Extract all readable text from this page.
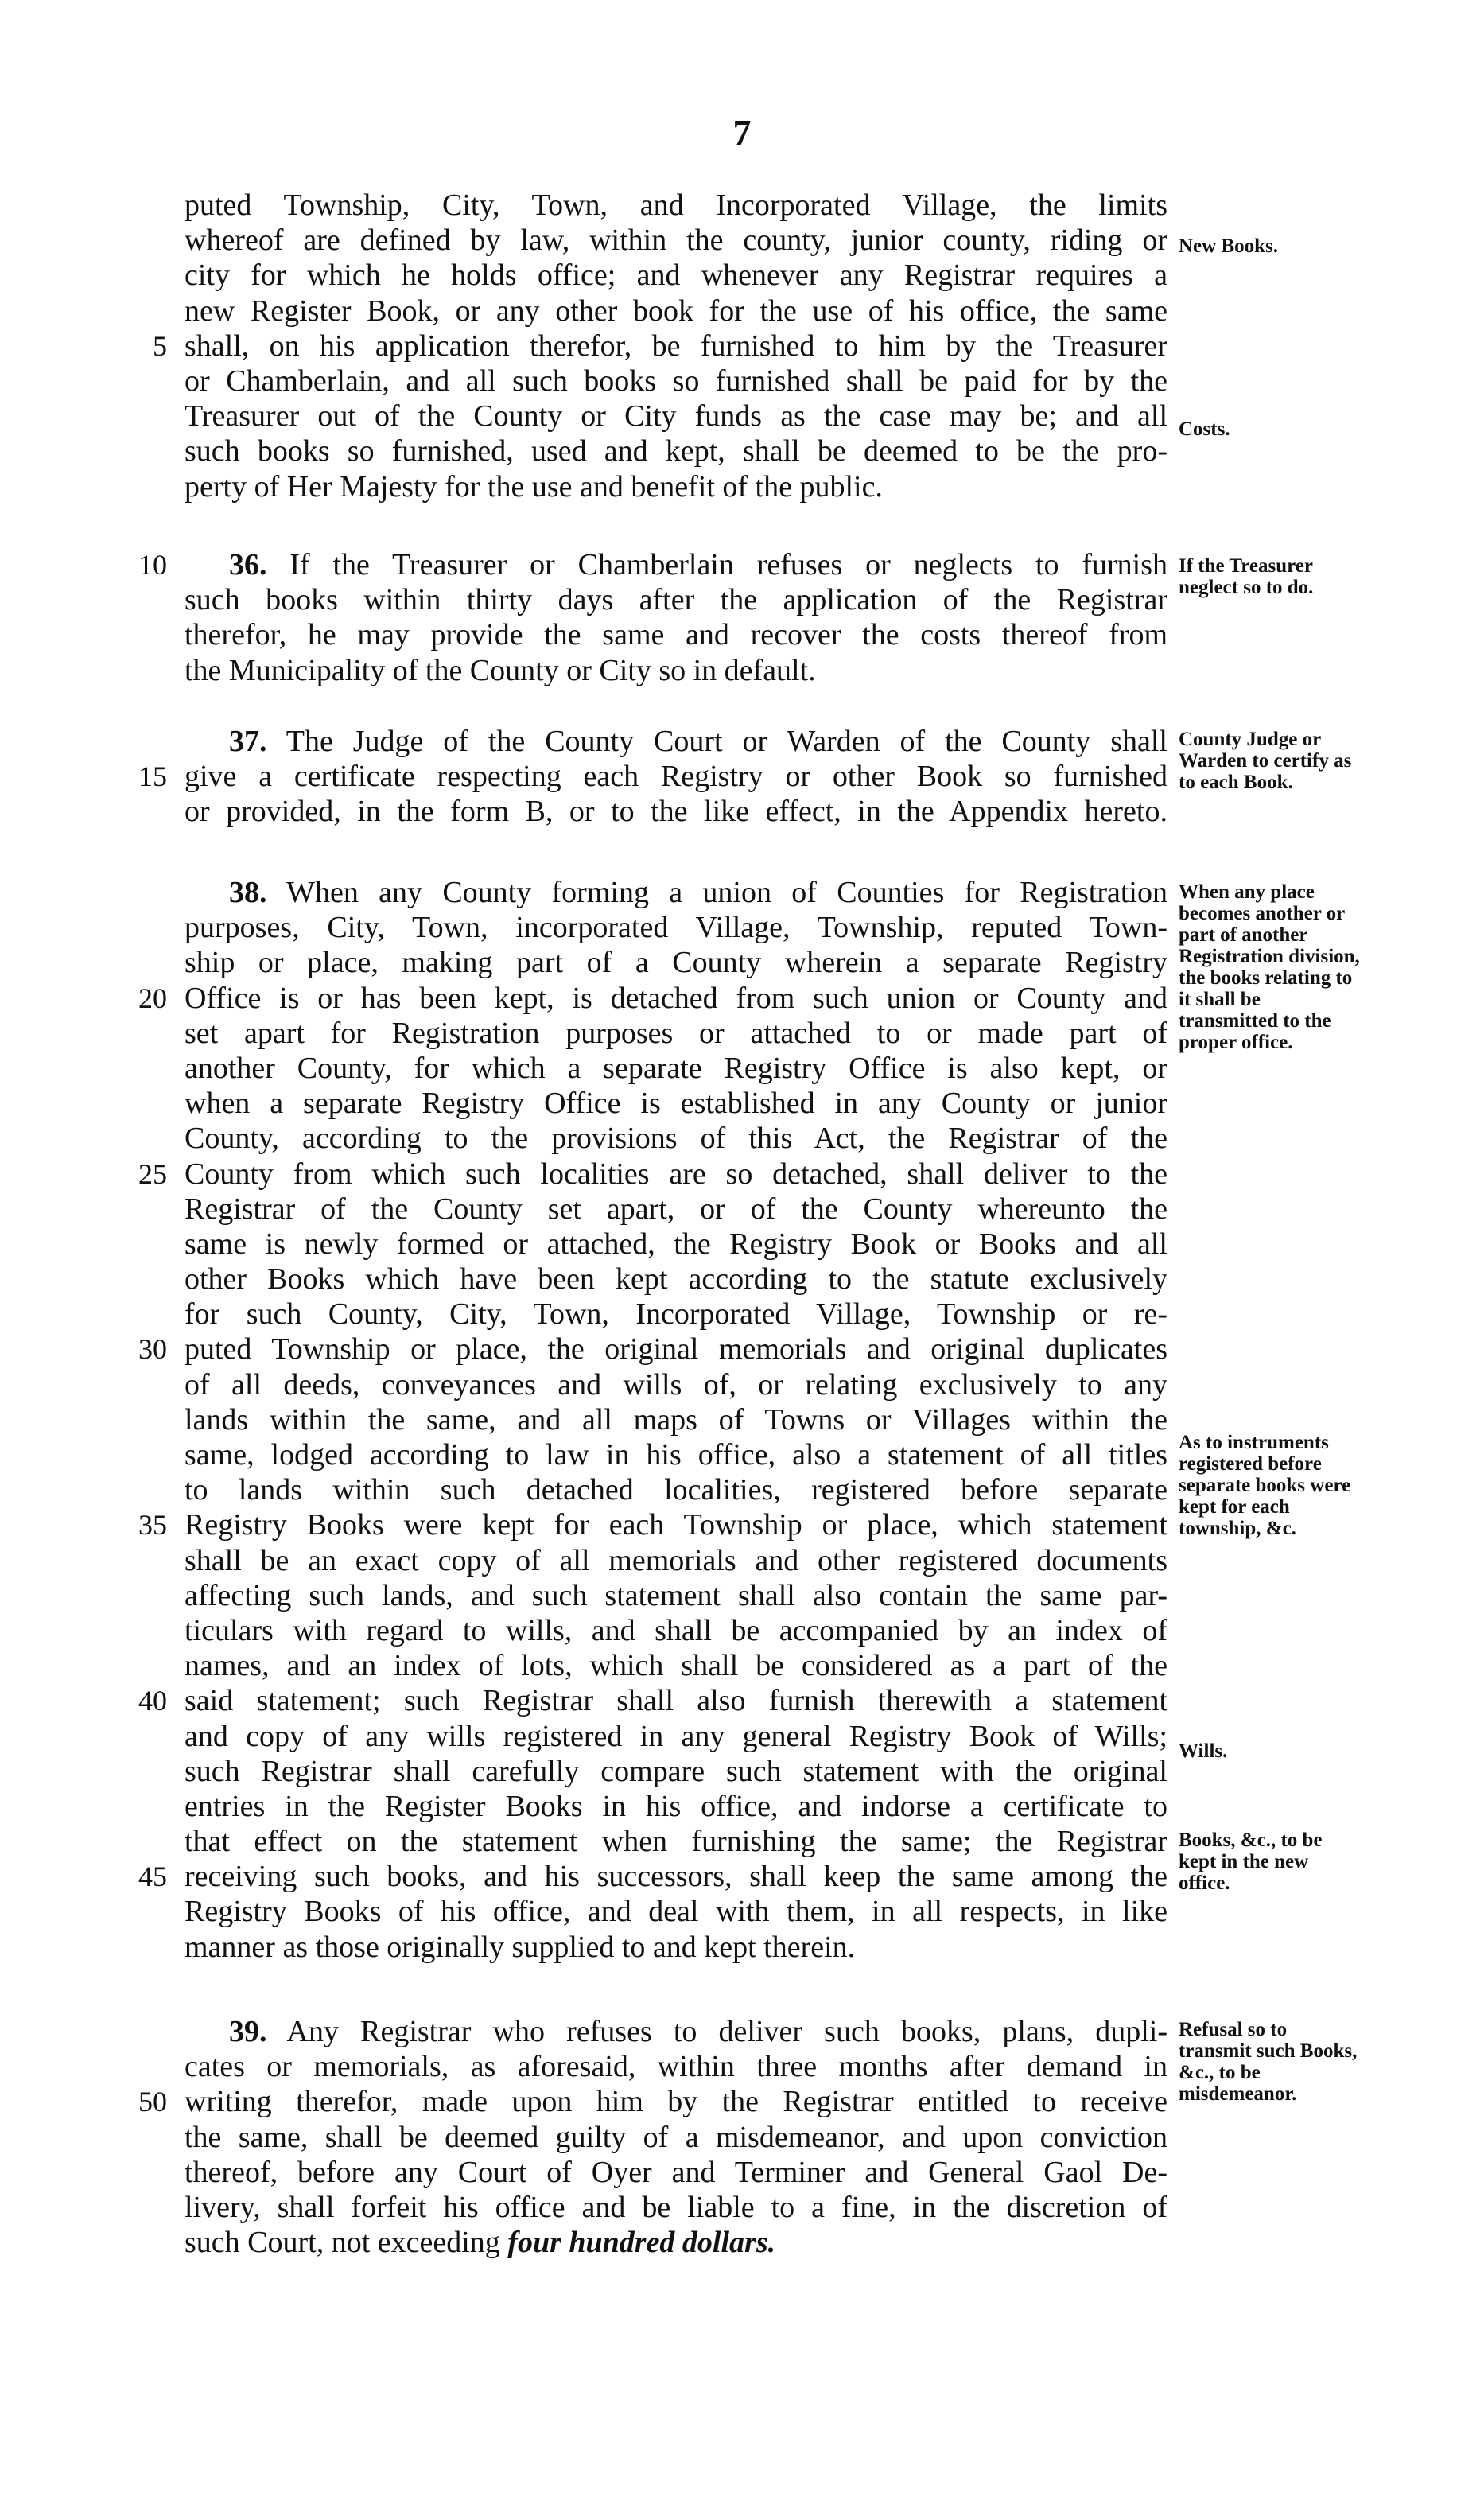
7
puted Township, City, Town, and Incorporated Village, the limits
whereof are defined by law, within the county, junior county, riding or
city for which he holds office; and whenever any Registrar requires a
new Register Book, or any other book for the use of his office, the same
5 shall, on his application therefor, be furnished to him by the Treasurer
or Chamberlain, and all such books so furnished shall be paid for by the
Treasurer out of the County or City funds as the case may be; and all
such books so furnished, used and kept, shall be deemed to be the pro-
perty of Her Majesty for the use and benefit of the public.
New Books.
Costs.
10	36. If the Treasurer or Chamberlain refuses or neglects to furnish
such books within thirty days after the application of the Registrar
therefor, he may provide the same and recover the costs thereof from
the Municipality of the County or City so in default.
If the Treasurer neglect so to do.
37. The Judge of the County Court or Warden of the County shall
15 give a certificate respecting each Registry or other Book so furnished
or provided, in the form B, or to the like effect, in the Appendix hereto.
County Judge or Warden to certify as to each Book.
38. When any County forming a union of Counties for Registration
purposes, City, Town, incorporated Village, Township, reputed Town-
ship or place, making part of a County wherein a separate Registry
20 Office is or has been kept, is detached from such union or County and
set apart for Registration purposes or attached to or made part of
another County, for which a separate Registry Office is also kept, or
when a separate Registry Office is established in any County or junior
County, according to the provisions of this Act, the Registrar of the
25 County from which such localities are so detached, shall deliver to the
Registrar of the County set apart, or of the County whereunto the
same is newly formed or attached, the Registry Book or Books and all
other Books which have been kept according to the statute exclusively
for such County, City, Town, Incorporated Village, Township or re-
30 puted Township or place, the original memorials and original duplicates
of all deeds, conveyances and wills of, or relating exclusively to any
lands within the same, and all maps of Towns or Villages within the
same, lodged according to law in his office, also a statement of all titles
to lands within such detached localities, registered before separate
35 Registry Books were kept for each Township or place, which statement
shall be an exact copy of all memorials and other registered documents
affecting such lands, and such statement shall also contain the same par-
ticulars with regard to wills, and shall be accompanied by an index of
names, and an index of lots, which shall be considered as a part of the
40 said statement; such Registrar shall also furnish therewith a statement
and copy of any wills registered in any general Registry Book of Wills;
such Registrar shall carefully compare such statement with the original
entries in the Register Books in his office, and indorse a certificate to
that effect on the statement when furnishing the same; the Registrar
45 receiving such books, and his successors, shall keep the same among the
Registry Books of his office, and deal with them, in all respects, in like
manner as those originally supplied to and kept therein.
When any place becomes another or part of another Registration division, the books relating to it shall be transmitted to the proper office.
As to instruments registered before separate books were kept for each township, &c.
Wills.
Books, &c., to be kept in the new office.
39. Any Registrar who refuses to deliver such books, plans, dupli-
cates or memorials, as aforesaid, within three months after demand in
50 writing therefor, made upon him by the Registrar entitled to receive
the same, shall be deemed guilty of a misdemeanor, and upon conviction
thereof, before any Court of Oyer and Terminer and General Gaol De-
livery, shall forfeit his office and be liable to a fine, in the discretion of
such Court, not exceeding four hundred dollars.
Refusal so to transmit such Books, &c., to be misdemeanor.
